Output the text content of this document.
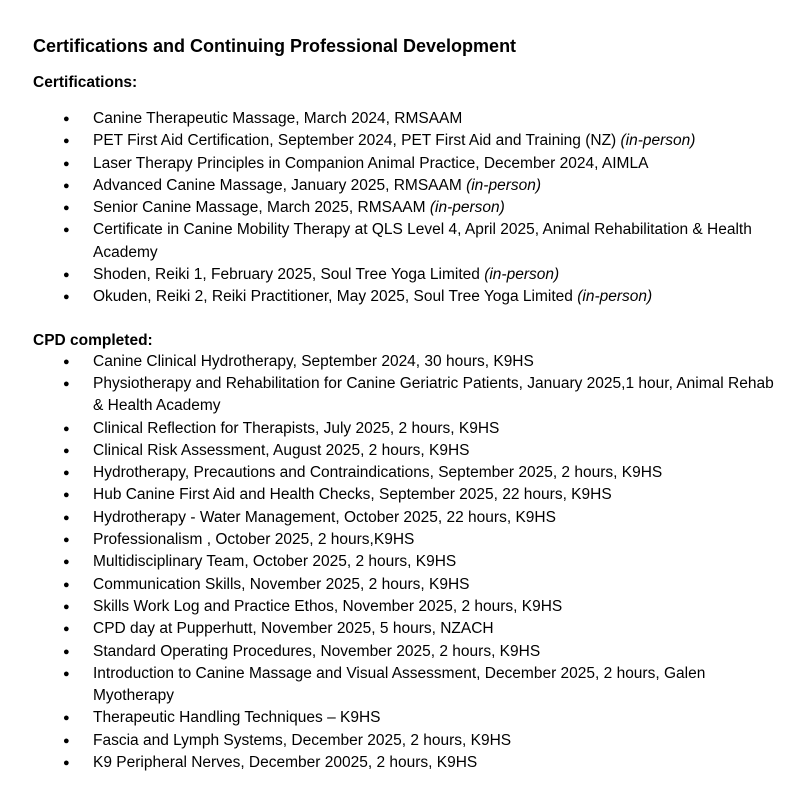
Certifications and Continuing Professional Development
Certifications:
● Canine Therapeutic Massage, March 2024, RMSAAM
● PET First Aid Certification, September 2024, PET First Aid and Training (NZ) (in-person)
● Laser Therapy Principles in Companion Animal Practice, December 2024, AIMLA
● Advanced Canine Massage, January 2025, RMSAAM (in-person)
● Senior Canine Massage, March 2025, RMSAAM (in-person)
● Certificate in Canine Mobility Therapy at QLS Level 4, April 2025, Animal Rehabilitation & Health Academy
● Shoden, Reiki 1, February 2025, Soul Tree Yoga Limited (in-person)
● Okuden, Reiki 2, Reiki Practitioner, May 2025, Soul Tree Yoga Limited (in-person)
CPD completed:
● Canine Clinical Hydrotherapy, September 2024, 30 hours, K9HS
● Physiotherapy and Rehabilitation for Canine Geriatric Patients, January 2025,1 hour, Animal Rehab & Health Academy
● Clinical Reflection for Therapists, July 2025, 2 hours, K9HS
● Clinical Risk Assessment, August 2025, 2 hours, K9HS
● Hydrotherapy, Precautions and Contraindications, September 2025, 2 hours, K9HS
● Hub Canine First Aid and Health Checks, September 2025, 22 hours, K9HS
● Hydrotherapy - Water Management, October 2025, 22 hours, K9HS
● Professionalism , October 2025, 2 hours,K9HS
● Multidisciplinary Team, October 2025, 2 hours, K9HS
● Communication Skills, November 2025, 2 hours, K9HS
● Skills Work Log and Practice Ethos, November 2025, 2 hours, K9HS
● CPD day at Pupperhutt, November 2025, 5 hours, NZACH
● Standard Operating Procedures, November 2025, 2 hours, K9HS
● Introduction to Canine Massage and Visual Assessment, December 2025, 2 hours, Galen Myotherapy
● Therapeutic Handling Techniques – K9HS
● Fascia and Lymph Systems, December 2025, 2 hours, K9HS
● K9 Peripheral Nerves, December 20025, 2 hours, K9HS
